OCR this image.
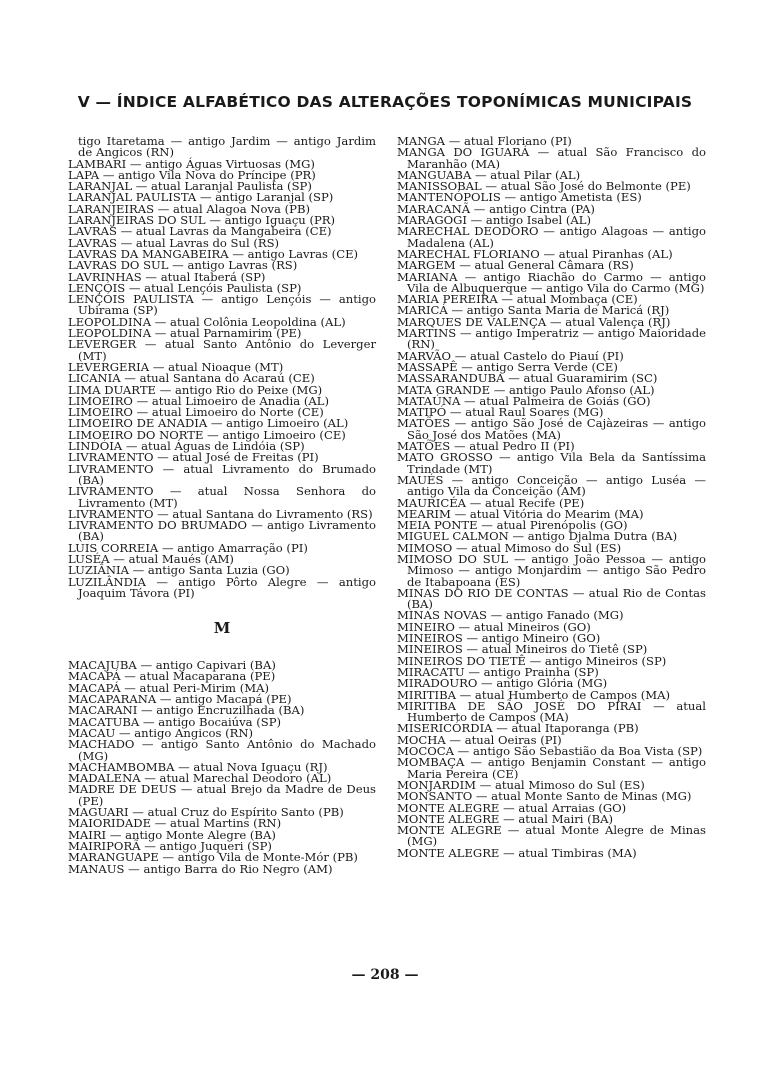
V — ÍNDICE ALFABÉTICO DAS ALTERAÇÕES TOPONÍMICAS MUNICIPAIS

tigo Itaretama — antigo Jardim — antigo Jardim de Angicos (RN)

LAMBARI — antigo Águas Virtuosas (MG)

LAPA — antigo Vila Nova do Príncipe (PR)

LARANJAL — atual Laranjal Paulista (SP)

LARANJAL PAULISTA — antigo Laranjal (SP)

LARANJEIRAS — atual Alagoa Nova (PB)

LARANJEIRAS DO SUL — antigo Iguaçu (PR)

LAVRAS — atual Lavras da Mangabeira (CE)

LAVRAS — atual Lavras do Sul (RS)

LAVRAS DA MANGABEIRA — antigo Lavras (CE)

LAVRAS DO SUL — antigo Lavras (RS)

LAVRINHAS — atual Itaberá (SP)

LENÇÓIS — atual Lençóis Paulista (SP)

LENÇÓIS PAULISTA — antigo Lençóis — antigo Ubirama (SP)

LEOPOLDINA — atual Colônia Leopoldina (AL)

LEOPOLDINA — atual Parnamirim (PE)

LEVERGER — atual Santo Antônio do Leverger (MT)

LEVERGERIA — atual Nioaque (MT)

LICANIA — atual Santana do Acaraú (CE)

LIMA DUARTE — antigo Rio do Peixe (MG)

LIMOEIRO — atual Limoeiro de Anadia (AL)

LIMOEIRO — atual Limoeiro do Norte (CE)

LIMOEIRO DE ANADIA — antigo Limoeiro (AL)

LIMOEIRO DO NORTE — antigo Limoeiro (CE)

LINDÓIA — atual Águas de Lindóia (SP)

LIVRAMENTO — atual José de Freitas (PI)

LIVRAMENTO — atual Livramento do Brumado (BA)

LIVRAMENTO — atual Nossa Senhora do Livramento (MT)

LIVRAMENTO — atual Santana do Livramento (RS)

LIVRAMENTO DO BRUMADO — antigo Livramento (BA)

LUIS CORREIA — antigo Amarração (PI)

LUSÉA — atual Maués (AM)

LUZIÂNIA — antigo Santa Luzia (GO)

LUZILÂNDIA — antigo Pôrto Alegre — antigo Joaquim Távora (PI)

M

MACAJUBA — antigo Capivari (BA)

MACAPÁ — atual Macaparana (PE)

MACAPÁ — atual Peri-Mirim (MA)

MACAPARANA — antigo Macapá (PE)

MACARANI — antigo Encruzilhada (BA)

MACATUBA — antigo Bocaiúva (SP)

MACAU — antigo Angicos (RN)

MACHADO — antigo Santo Antônio do Machado (MG)

MACHAMBOMBA — atual Nova Iguaçu (RJ)

MADALENA — atual Marechal Deodoro (AL)

MADRE DE DEUS — atual Brejo da Madre de Deus (PE)

MAGUARI — atual Cruz do Espírito Santo (PB)

MAIORIDADE — atual Martins (RN)

MAIRI — antigo Monte Alegre (BA)

MAIRIPORÃ — antigo Juqueri (SP)

MARANGUAPE — antigo Vila de Monte-Mór (PB)

MANAUS — antigo Barra do Rio Negro (AM)

MANGA — atual Floriano (PI)

MANGA DO IGUARÁ — atual São Francisco do Maranhão (MA)

MANGUABA — atual Pilar (AL)

MANISSOBAL — atual São José do Belmonte (PE)

MANTENÓPOLIS — antigo Ametista (ES)

MARACANÃ — antigo Cintra (PA)

MARAGOGI — antigo Isabel (AL)

MARECHAL DEODORO — antigo Alagoas — antigo Madalena (AL)

MARECHAL FLORIANO — atual Piranhas (AL)

MARGEM — atual General Câmara (RS)

MARIANA — antigo Riachão do Carmo — antigo Vila de Albuquerque — antigo Vila do Carmo (MG)

MARIA PEREIRA — atual Mombaça (CE)

MARICÁ — antigo Santa Maria de Maricá (RJ)

MARQUES DE VALENÇA — atual Valença (RJ)

MARTINS — antigo Imperatriz — antigo Maioridade (RN)

MARVÃO — atual Castelo do Piauí (PI)

MASSAPÊ — antigo Serra Verde (CE)

MASSARANDUBA — atual Guaramirim (SC)

MATA GRANDE — antigo Paulo Afonso (AL)

MATAÚNA — atual Palmeira de Goiás (GO)

MATIPÓ — atual Raul Soares (MG)

MATÕES — antigo São José de Cajàzeiras — antigo São José dos Matões (MA)

MATÕES — atual Pedro II (PI)

MATO GROSSO — antigo Vila Bela da Santíssima Trindade (MT)

MAUÉS — antigo Conceição — antigo Luséa — antigo Vila da Conceição (AM)

MAURICÉA — atual Recife (PE)

MEARIM — atual Vitória do Mearim (MA)

MEIA PONTE — atual Pirenópolis (GO)

MIGUEL CALMON — antigo Djalma Dutra (BA)

MIMOSO — atual Mimoso do Sul (ES)

MIMOSO DO SUL — antigo João Pessoa — antigo Mimoso — antigo Monjardim — antigo São Pedro de Itabapoana (ES)

MINAS DO RIO DE CONTAS — atual Rio de Contas (BA)

MINAS NOVAS — antigo Fanado (MG)

MINEIRO — atual Mineiros (GO)

MINEIROS — antigo Mineiro (GO)

MINEIROS — atual Mineiros do Tietê (SP)

MINEIROS DO TIETÊ — antigo Mineiros (SP)

MIRACATU — antigo Prainha (SP)

MIRADOURO — antigo Glória (MG)

MIRITIBA — atual Humberto de Campos (MA)

MIRITIBA DE SÃO JOSÉ DO PIRAI — atual Humberto de Campos (MA)

MISERICÓRDIA — atual Itaporanga (PB)

MOCHA — atual Oeiras (PI)

MOCOCA — antigo São Sebastião da Boa Vista (SP)

MOMBAÇA — antigo Benjamin Constant — antigo Maria Pereira (CE)

MONJARDIM — atual Mimoso do Sul (ES)

MONSANTO — atual Monte Santo de Minas (MG)

MONTE ALEGRE — atual Arraias (GO)

MONTE ALEGRE — atual Mairi (BA)

MONTE ALEGRE — atual Monte Alegre de Minas (MG)

MONTE ALEGRE — atual Timbiras (MA)

— 208 —
